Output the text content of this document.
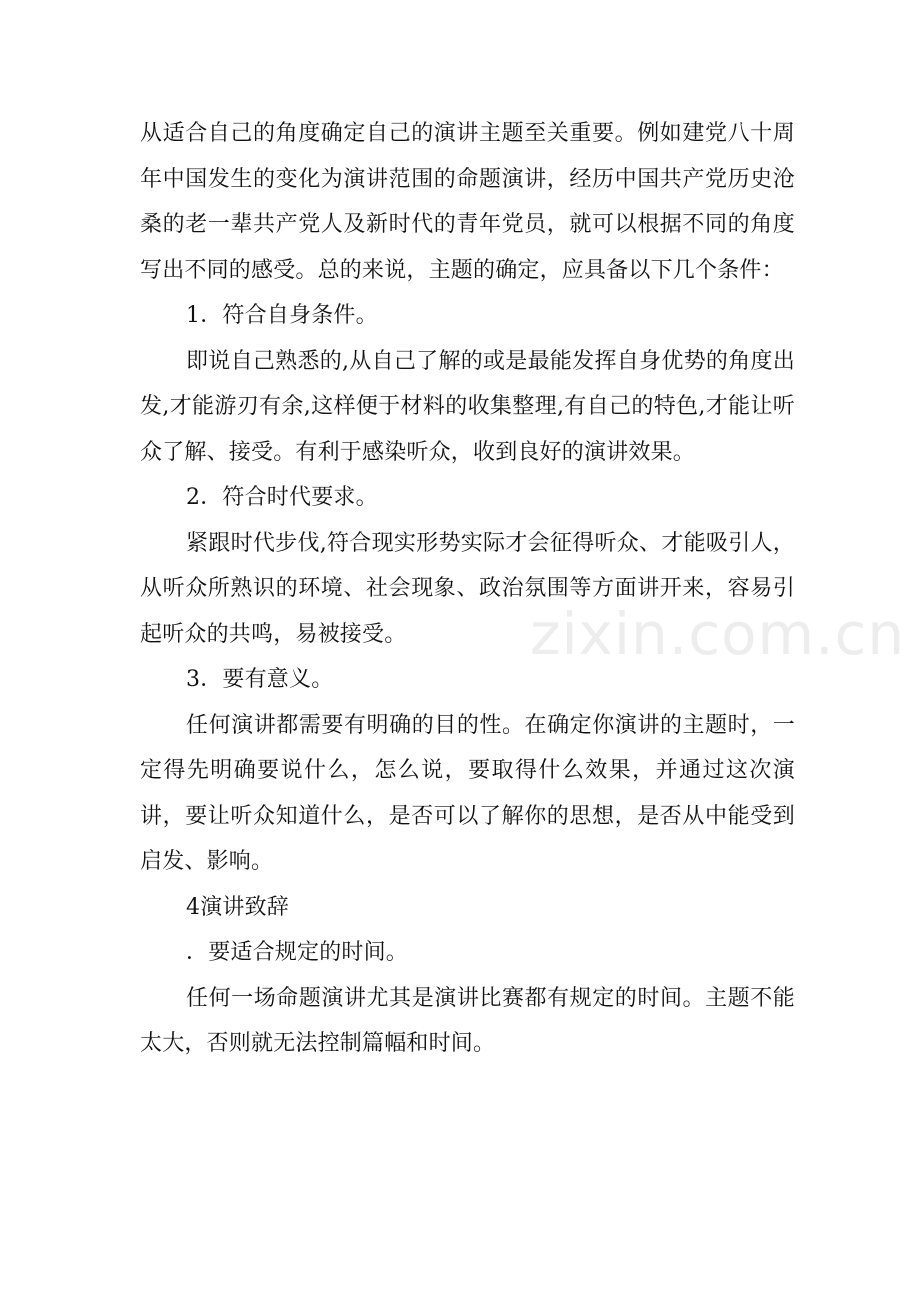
从适合自己的角度确定自己的演讲主题至关重要。例如建党八十周年中国发生的变化为演讲范围的命题演讲，经历中国共产党历史沧桑的老一辈共产党人及新时代的青年党员，就可以根据不同的角度写出不同的感受。总的来说，主题的确定，应具备以下几个条件：

1．符合自身条件。

即说自己熟悉的,从自己了解的或是最能发挥自身优势的角度出发,才能游刃有余,这样便于材料的收集整理,有自己的特色,才能让听众了解、接受。有利于感染听众，收到良好的演讲效果。

2．符合时代要求。

紧跟时代步伐,符合现实形势实际才会征得听众、才能吸引人，从听众所熟识的环境、社会现象、政治氛围等方面讲开来，容易引起听众的共鸣，易被接受。

3．要有意义。

任何演讲都需要有明确的目的性。在确定你演讲的主题时，一定得先明确要说什么，怎么说，要取得什么效果，并通过这次演讲，要让听众知道什么，是否可以了解你的思想，是否从中能受到启发、影响。

4演讲致辞

．要适合规定的时间。

任何一场命题演讲尤其是演讲比赛都有规定的时间。主题不能太大，否则就无法控制篇幅和时间。

zixin.com.cn
